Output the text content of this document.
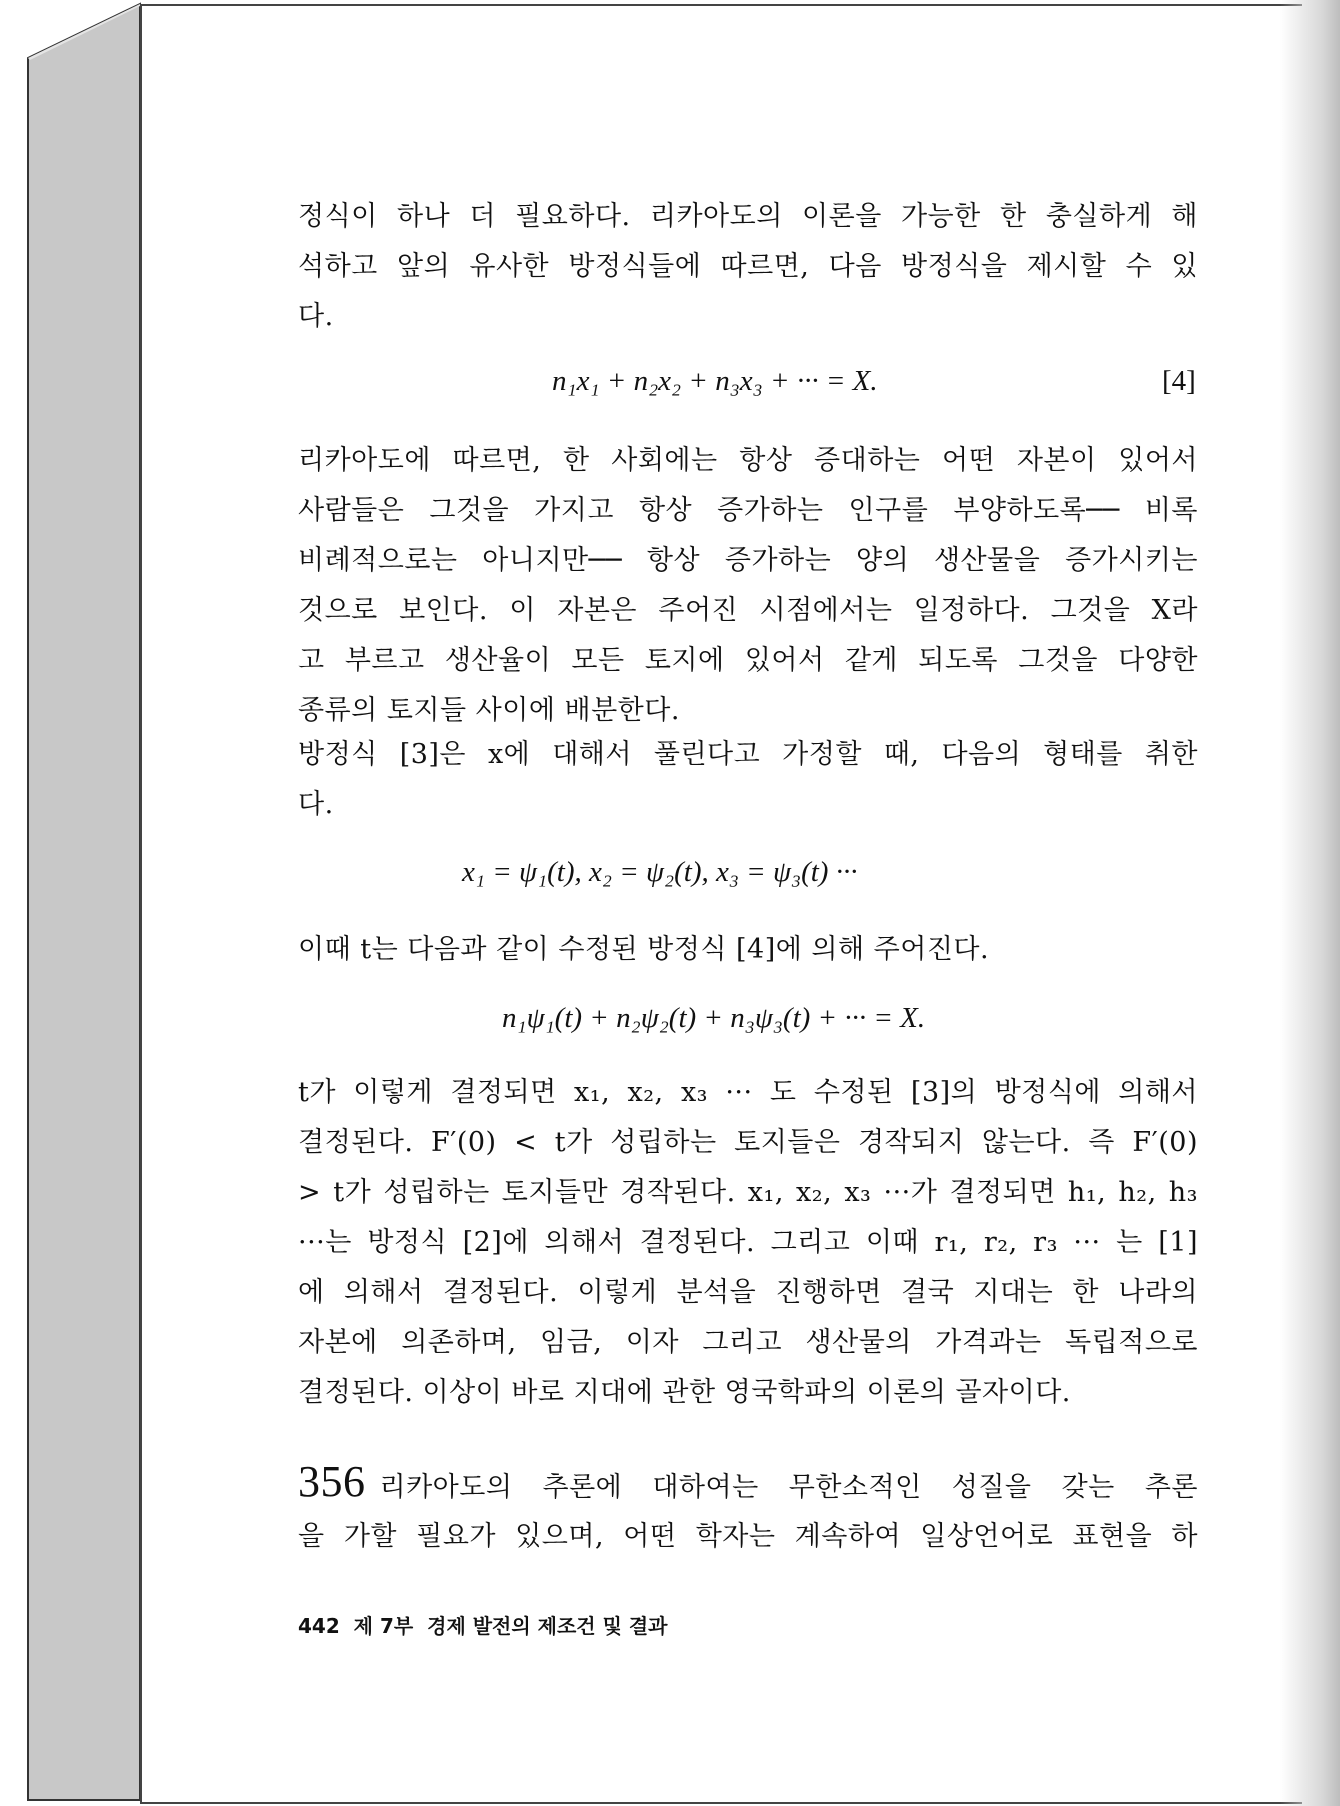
정식이 하나 더 필요하다. 리카아도의 이론을 가능한 한 충실하게 해
석하고 앞의 유사한 방정식들에 따르면, 다음 방정식을 제시할 수 있
다.
n₁x₁ + n₂x₂ + n₃x₃ + ··· = X.	[4]
리카아도에 따르면, 한 사회에는 항상 증대하는 어떤 자본이 있어서
사람들은 그것을 가지고 항상 증가하는 인구를 부양하도록── 비록
비례적으로는 아니지만── 항상 증가하는 양의 생산물을 증가시키는
것으로 보인다. 이 자본은 주어진 시점에서는 일정하다. 그것을 X라
고 부르고 생산율이 모든 토지에 있어서 같게 되도록 그것을 다양한
종류의 토지들 사이에 배분한다.
방정식 [3]은 x에 대해서 풀린다고 가정할 때, 다음의 형태를 취한
다.
x₁ = ψ₁(t), x₂ = ψ₂(t), x₃ = ψ₃(t) ···
이때 t는 다음과 같이 수정된 방정식 [4]에 의해 주어진다.
n₁ψ₁(t) + n₂ψ₂(t) + n₃ψ₃(t) + ··· = X.
t가 이렇게 결정되면 x₁, x₂, x₃ ··· 도 수정된 [3]의 방정식에 의해서
결정된다. F′(0) < t가 성립하는 토지들은 경작되지 않는다. 즉 F′(0)
> t가 성립하는 토지들만 경작된다. x₁, x₂, x₃ ···가 결정되면 h₁, h₂, h₃
···는 방정식 [2]에 의해서 결정된다. 그리고 이때 r₁, r₂, r₃ ··· 는 [1]
에 의해서 결정된다. 이렇게 분석을 진행하면 결국 지대는 한 나라의
자본에 의존하며, 임금, 이자 그리고 생산물의 가격과는 독립적으로
결정된다. 이상이 바로 지대에 관한 영국학파의 이론의 골자이다.
356 리카아도의 추론에 대하여는 무한소적인 성질을 갖는 추론
을 가할 필요가 있으며, 어떤 학자는 계속하여 일상언어로 표현을 하
442  제 7부  경제 발전의 제조건 및 결과
